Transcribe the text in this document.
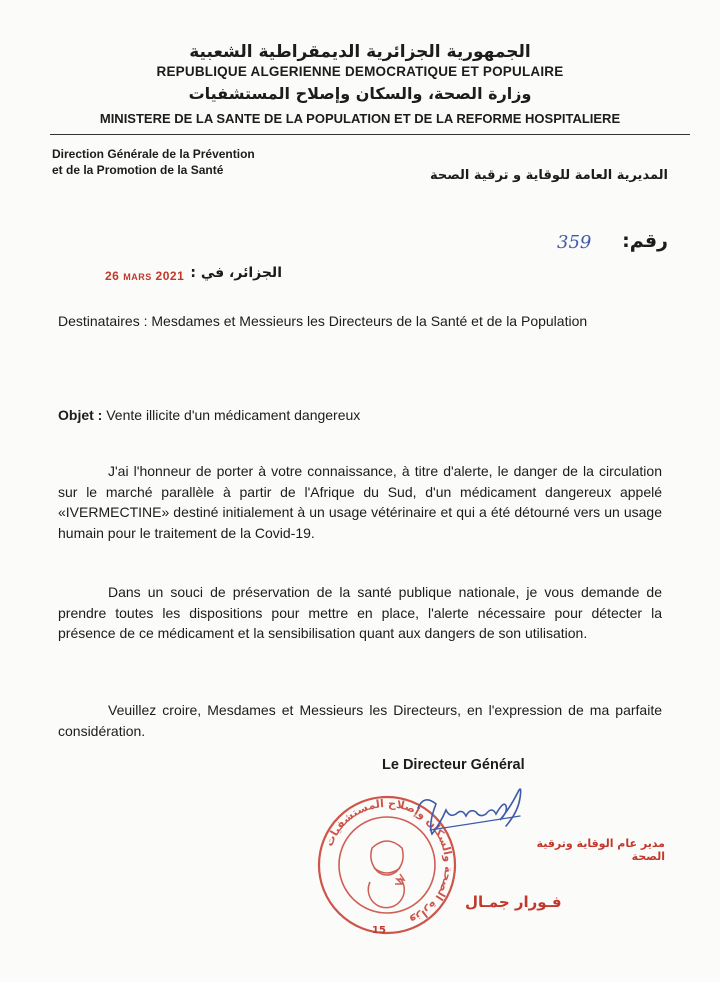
الجمهورية الجزائرية الديمقراطية الشعبية
REPUBLIQUE ALGERIENNE DEMOCRATIQUE ET POPULAIRE
وزارة الصحة، والسكان وإصلاح المستشفيات
MINISTERE DE LA SANTE DE LA POPULATION ET DE LA REFORME HOSPITALIERE
Direction Générale de la Prévention
et de la Promotion de la Santé	المديرية العامة للوقاية و ترقية الصحة
رقم:
359
الجزائر، في :
26 MARS 2021
Destinataires : Mesdames et Messieurs les Directeurs de la Santé et de la Population
Objet : Vente illicite d'un médicament dangereux
J'ai l'honneur de porter à votre connaissance, à titre d'alerte, le danger de la circulation sur le marché parallèle à partir de l'Afrique du Sud, d'un médicament dangereux appelé «IVERMECTINE» destiné initialement à un usage vétérinaire et qui a été détourné vers un usage humain pour le traitement de la Covid-19.
Dans un souci de préservation de la santé publique nationale, je vous demande de prendre toutes les dispositions pour mettre en place, l'alerte nécessaire pour détecter la présence de ce médicament et la sensibilisation quant aux dangers de son utilisation.
Veuillez croire, Mesdames et Messieurs les Directeurs, en l'expression de ma parfaite considération.
Le Directeur Général
وزارة الصحة والسكان وإصلاح المستشفيات
15
مدير عام الوقاية وترقية الصحة
فـورار جمـال
